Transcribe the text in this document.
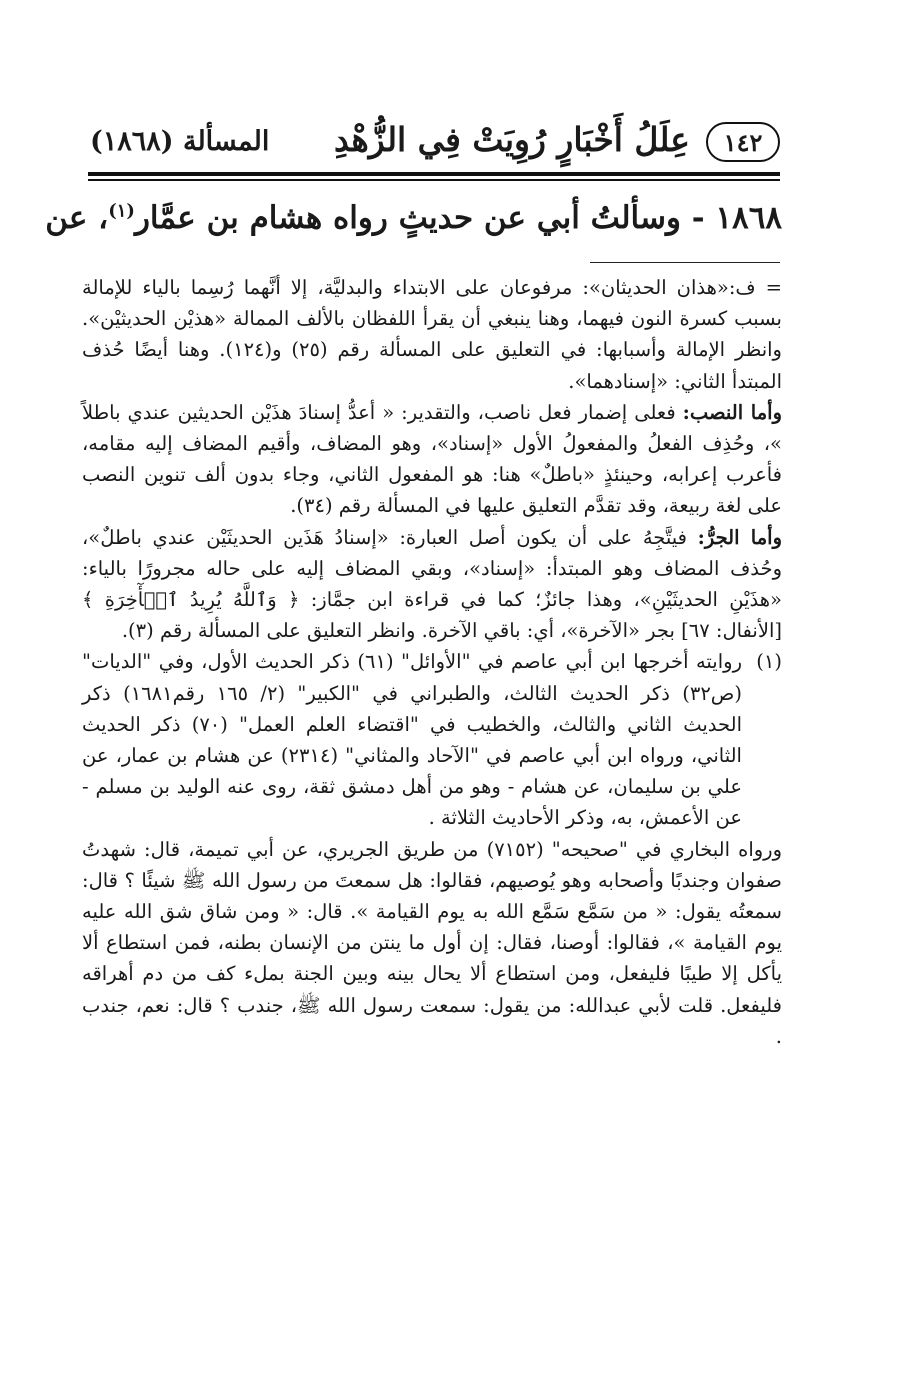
١٤٢
عِلَلُ أَخْبَارٍ رُوِيَتْ فِي الزُّهْدِ
المسألة (١٨٦٨)
١٨٦٨ - وسألتُ أبي عن حديثٍ رواه هشام بن عمَّار$^{(١)}$، عن

= ف:«هذان الحديثان»: مرفوعان على الابتداء والبدليَّة، إلا أنَّهما رُسِما بالياء للإمالة بسبب كسرة النون فيهما، وهنا ينبغي أن يقرأ اللفظان بالألف الممالة «هذيْن الحديثيْن». وانظر الإمالة وأسبابها: في التعليق على المسألة رقم (٢٥) و(١٢٤). وهنا أيضًا حُذف المبتدأ الثاني: «إسنادهما».

وأما النصب: فعلى إضمار فعل ناصب، والتقدير: « أعدُّ إسنادَ هذَيْن الحديثين عندي باطلاً »، وحُذِف الفعلُ والمفعولُ الأول «إسناد»، وهو المضاف، وأقيم المضاف إليه مقامه، فأعرب إعرابه، وحينئذٍ «باطلٌ» هنا: هو المفعول الثاني، وجاء بدون ألف تنوين النصب على لغة ربيعة، وقد تقدَّم التعليق عليها في المسألة رقم (٣٤).

وأما الجرُّ: فيتَّجِهُ على أن يكون أصل العبارة: «إسنادُ هَذَين الحديثَيْن عندي باطلٌ»، وحُذف المضاف وهو المبتدأ: «إسناد»، وبقي المضاف إليه على حاله مجرورًا بالياء: «هذَيْنِ الحديثَيْنِ»، وهذا جائزٌ؛ كما في قراءة ابن جمَّاز: ﴿ وَٱللَّهُ يُرِيدُ ٱلۡأٓخِرَةِ ﴾ [الأنفال: ٦٧] بجر «الآخرة»، أي: باقي الآخرة. وانظر التعليق على المسألة رقم (٣).

(١)

روايته أخرجها ابن أبي عاصم في "الأوائل" (٦١) ذكر الحديث الأول، وفي "الديات" (ص٣٢) ذكر الحديث الثالث، والطبراني في "الكبير" (٢/ ١٦٥ رقم١٦٨١) ذكر الحديث الثاني والثالث، والخطيب في "اقتضاء العلم العمل" (٧٠) ذكر الحديث الثاني، ورواه ابن أبي عاصم في "الآحاد والمثاني" (٢٣١٤) عن هشام بن عمار، عن علي بن سليمان، عن هشام - وهو من أهل دمشق ثقة، روى عنه الوليد بن مسلم - عن الأعمش، به، وذكر الأحاديث الثلاثة .

ورواه البخاري في "صحيحه" (٧١٥٢) من طريق الجريري، عن أبي تميمة، قال: شهدتُ صفوان وجندبًا وأصحابه وهو يُوصيهم، فقالوا: هل سمعتَ من رسول الله ﷺ شيئًا ؟ قال: سمعتُه يقول: « من سَمَّع سَمَّع الله به يوم القيامة ». قال: « ومن شاق شق الله عليه يوم القيامة »، فقالوا: أوصنا، فقال: إن أول ما ينتن من الإنسان بطنه، فمن استطاع ألا يأكل إلا طيبًا فليفعل، ومن استطاع ألا يحال بينه وبين الجنة بملء كف من دم أهراقه فليفعل. قلت لأبي عبدالله: من يقول: سمعت رسول الله ﷺ، جندب ؟ قال: نعم، جندب .
